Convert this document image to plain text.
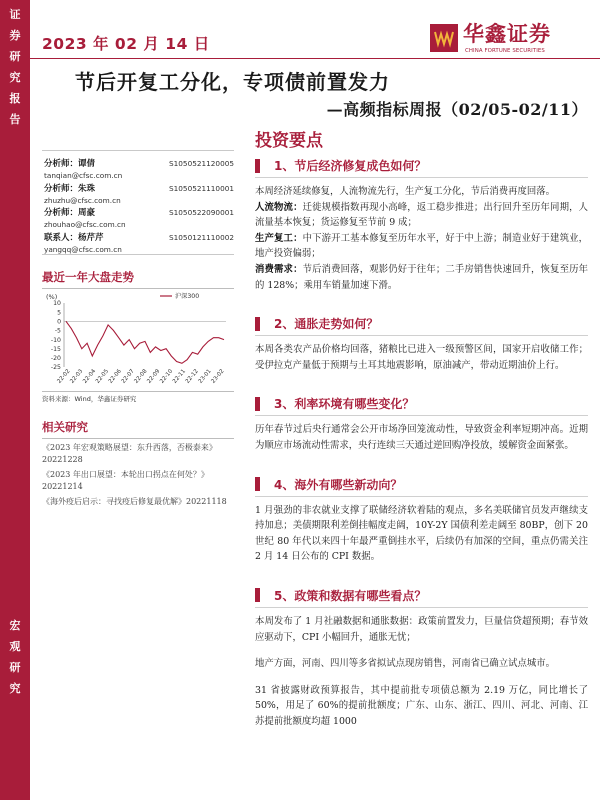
证
券
研
究
报
告
宏
观
研
究
2023 年 02 月 14 日	华鑫证券
CHINA FORTUNE SECURITIES
节后开复工分化，专项债前置发力
—高频指标周报（02/05-02/11）
投资要点
分析师：谭倩	S1050521120005
tanqian@cfsc.com.cn
分析师：朱珠	S1050521110001
zhuzhu@cfsc.com.cn
分析师：周豪	S1050522090001
zhouhao@cfsc.com.cn
联系人：杨芹芹	S1050121110002
yangqq@cfsc.com.cn
最近一年大盘走势
(%)
10
5
0
-5
-10
-15
-20
-25
22-02
22-03
22-04
22-05
22-06
22-07
22-08
22-09
22-10
22-11
22-12
23-01
23-02
沪深300
资料来源：Wind，华鑫证券研究
相关研究
《2023 年宏观策略展望：东升西落，否极泰来》20221228
《2023 年出口展望：本轮出口拐点在何处？》20221214
《海外疫后启示：寻找疫后修复最优解》20221118
1、节后经济修复成色如何？

本周经济延续修复，人流物流先行，生产复工分化，节后消费再度回落。

人流物流：迁徙规模指数再现小高峰，返工稳步推进；出行回升至历年同期，人流量基本恢复；货运修复至节前 9 成；

生产复工：中下游开工基本修复至历年水平，好于中上游；制造业好于建筑业，地产投资偏弱；

消费需求：节后消费回落，观影仍好于往年；二手房销售快速回升，恢复至历年的 128%；乘用车销量加速下滑。

2、通胀走势如何？

本周各类农产品价格均回落，猪粮比已进入一级预警区间，国家开启收储工作；受伊拉克产量低于预期与土耳其地震影响，原油减产，带动近期油价上行。

3、利率环境有哪些变化？

历年春节过后央行通常会公开市场净回笼流动性，导致资金利率短期冲高。近期为顺应市场流动性需求，央行连续三天通过逆回购净投放，缓解资金面紧张。

4、海外有哪些新动向？

1 月强劲的非农就业支撑了联储经济软着陆的观点，多名美联储官员发声继续支持加息；美债期限利差倒挂幅度走阔，10Y-2Y 国债利差走阔至 80BP，创下 20 世纪 80 年代以来四十年最严重倒挂水平，后续仍有加深的空间，重点仍需关注 2 月 14 日公布的 CPI 数据。

5、政策和数据有哪些看点？

本周发布了 1 月社融数据和通胀数据：政策前置发力，巨量信贷超预期；春节效应驱动下，CPI 小幅回升，通胀无忧；

地产方面，河南、四川等多省拟试点现房销售，河南省已确立试点城市。

31 省披露财政预算报告，其中提前批专项债总额为 2.19 万亿，同比增长了 50%，用足了 60%的提前批额度；广东、山东、浙江、四川、河北、河南、江苏提前批额度均超 1000
